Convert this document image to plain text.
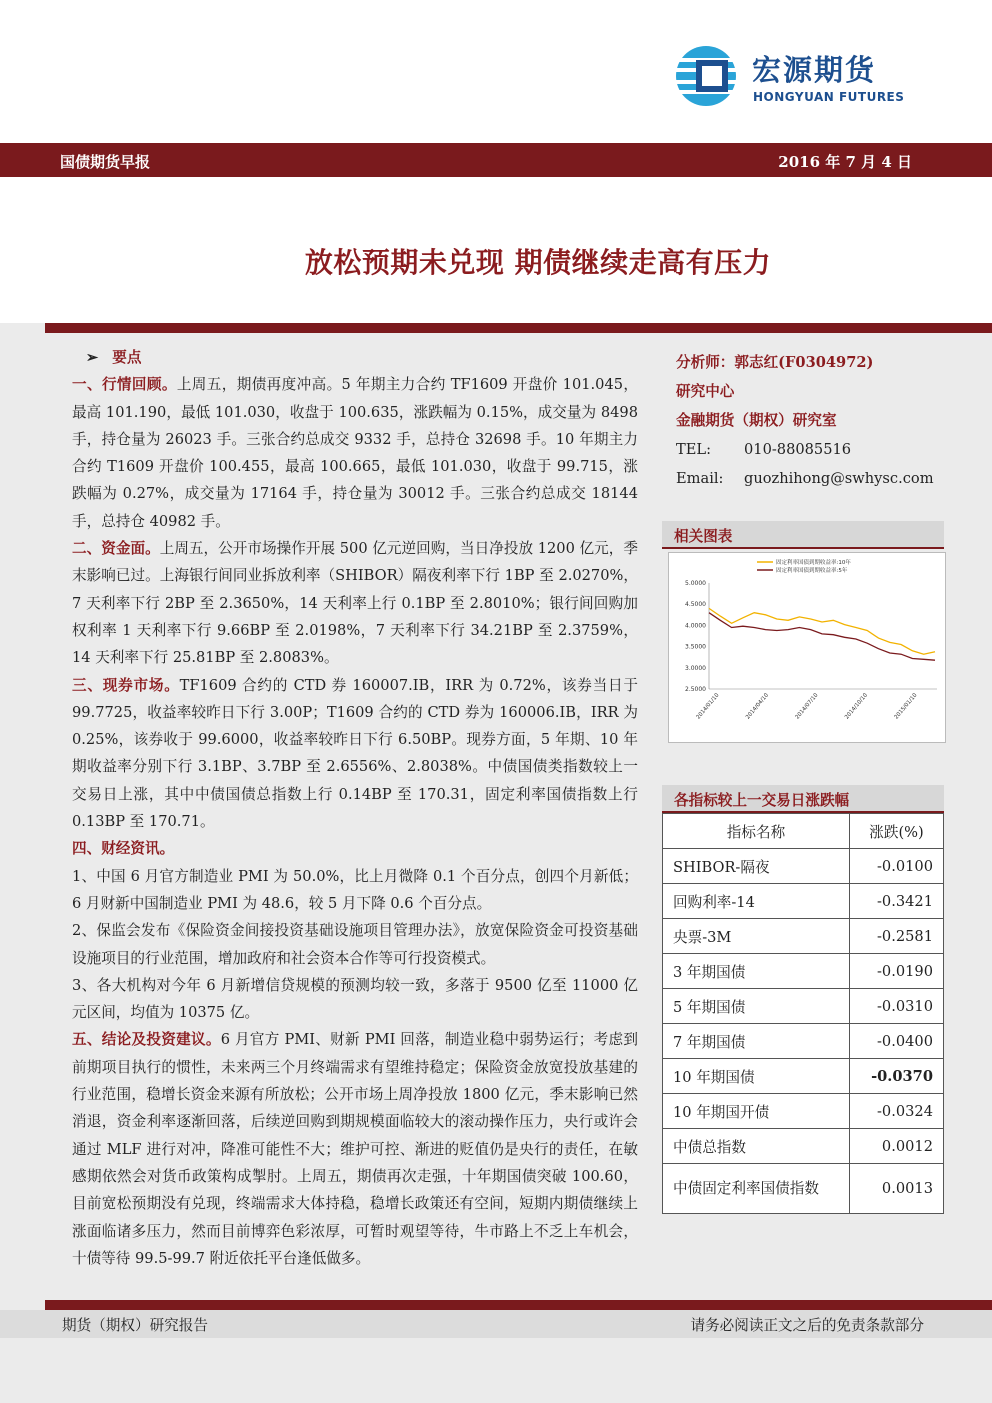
宏源期货
HONGYUAN FUTURES
国债期货早报	2016 年 7 月 4 日
放松预期未兑现 期债继续走高有压力

➢ 要点

一、行情回顾。上周五，期债再度冲高。5 年期主力合约 TF1609 开盘价 101.045，最高 101.190，最低 101.030，收盘于 100.635，涨跌幅为 0.15%，成交量为 8498 手，持仓量为 26023 手。三张合约总成交 9332 手，总持仓 32698 手。10 年期主力合约 T1609 开盘价 100.455，最高 100.665，最低 101.030，收盘于 99.715，涨跌幅为 0.27%，成交量为 17164 手，持仓量为 30012 手。三张合约总成交 18144 手，总持仓 40982 手。

二、资金面。上周五，公开市场操作开展 500 亿元逆回购，当日净投放 1200 亿元，季末影响已过。上海银行间同业拆放利率（SHIBOR）隔夜利率下行 1BP 至 2.0270%，7 天利率下行 2BP 至 2.3650%，14 天利率上行 0.1BP 至 2.8010%；银行间回购加权利率 1 天利率下行 9.66BP 至 2.0198%，7 天利率下行 34.21BP 至 2.3759%，14 天利率下行 25.81BP 至 2.8083%。

三、现券市场。TF1609 合约的 CTD 券 160007.IB，IRR 为 0.72%，该券当日于 99.7725，收益率较昨日下行 3.00P；T1609 合约的 CTD 券为 160006.IB，IRR 为 0.25%，该券收于 99.6000，收益率较昨日下行 6.50BP。现券方面，5 年期、10 年期收益率分别下行 3.1BP、3.7BP 至 2.6556%、2.8038%。中债国债类指数较上一交易日上涨，其中中债国债总指数上行 0.14BP 至 170.31，固定利率国债指数上行 0.13BP 至 170.71。

四、财经资讯。

1、中国 6 月官方制造业 PMI 为 50.0%，比上月微降 0.1 个百分点，创四个月新低；6 月财新中国制造业 PMI 为 48.6，较 5 月下降 0.6 个百分点。

2、保监会发布《保险资金间接投资基础设施项目管理办法》，放宽保险资金可投资基础设施项目的行业范围，增加政府和社会资本合作等可行投资模式。

3、各大机构对今年 6 月新增信贷规模的预测均较一致，多落于 9500 亿至 11000 亿元区间，均值为 10375 亿。

五、结论及投资建议。6 月官方 PMI、财新 PMI 回落，制造业稳中弱势运行；考虑到前期项目执行的惯性，未来两三个月终端需求有望维持稳定；保险资金放宽投放基建的行业范围，稳增长资金来源有所放松；公开市场上周净投放 1800 亿元，季末影响已然消退，资金利率逐渐回落，后续逆回购到期规模面临较大的滚动操作压力，央行或许会通过 MLF 进行对冲，降准可能性不大；维护可控、渐进的贬值仍是央行的责任，在敏感期依然会对货币政策构成掣肘。上周五，期债再次走强，十年期国债突破 100.60，目前宽松预期没有兑现，终端需求大体持稳，稳增长政策还有空间，短期内期债继续上涨面临诸多压力，然而目前博弈色彩浓厚，可暂时观望等待，牛市路上不乏上车机会，十债等待 99.5-99.7 附近依托平台逢低做多。

分析师：郭志红(F0304972)
研究中心
金融期货（期权）研究室
TEL:	010-88085516
Email:	guozhihong@swhysc.com
相关图表
5.0000
4.5000
4.0000
3.5000
3.0000
2.5000
2014/01/10	2014/04/10	2014/07/10	2014/10/10	2015/01/10
固定利率国债到期收益率:10年
固定利率国债到期收益率:5年
各指标较上一交易日涨跌幅
指标名称	涨跌(%)
SHIBOR-隔夜	-0.0100
回购利率-14	-0.3421
央票-3M	-0.2581
3 年期国债	-0.0190
5 年期国债	-0.0310
7 年期国债	-0.0400
10 年期国债	-0.0370
10 年期国开债	-0.0324
中债总指数	0.0012
中债固定利率国债指数	0.0013
期货（期权）研究报告	请务必阅读正文之后的免责条款部分
